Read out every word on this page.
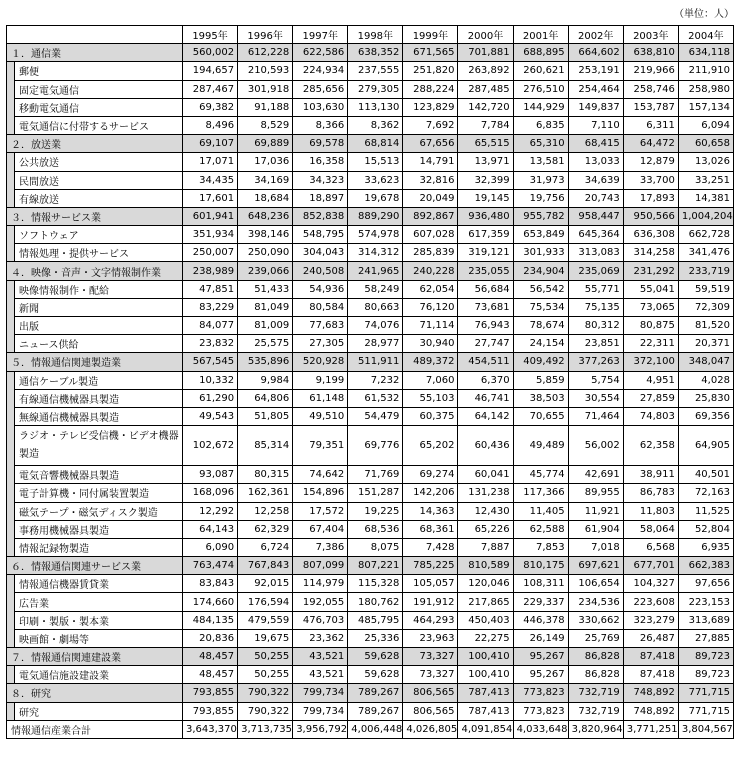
（単位：人）
		1995年	1996年	1997年	1998年	1999年	2000年	2001年	2002年	2003年	2004年
１．通信業		560,002	612,228	622,586	638,352	671,565	701,881	688,895	664,602	638,810	634,118
	郵便	194,657	210,593	224,934	237,555	251,820	263,892	260,621	253,191	219,966	211,910
	固定電気通信	287,467	301,918	285,656	279,305	288,224	287,485	276,510	254,464	258,746	258,980
	移動電気通信	69,382	91,188	103,630	113,130	123,829	142,720	144,929	149,837	153,787	157,134
	電気通信に付帯するサービス	8,496	8,529	8,366	8,362	7,692	7,784	6,835	7,110	6,311	6,094
２．放送業		69,107	69,889	69,578	68,814	67,656	65,515	65,310	68,415	64,472	60,658
	公共放送	17,071	17,036	16,358	15,513	14,791	13,971	13,581	13,033	12,879	13,026
	民間放送	34,435	34,169	34,323	33,623	32,816	32,399	31,973	34,639	33,700	33,251
	有線放送	17,601	18,684	18,897	19,678	20,049	19,145	19,756	20,743	17,893	14,381
３．情報サービス業		601,941	648,236	852,838	889,290	892,867	936,480	955,782	958,447	950,566	1,004,204
	ソフトウェア	351,934	398,146	548,795	574,978	607,028	617,359	653,849	645,364	636,308	662,728
	情報処理・提供サービス	250,007	250,090	304,043	314,312	285,839	319,121	301,933	313,083	314,258	341,476
４．映像・音声・文字情報制作業		238,989	239,066	240,508	241,965	240,228	235,055	234,904	235,069	231,292	233,719
	映像情報制作・配給	47,851	51,433	54,936	58,249	62,054	56,684	56,542	55,771	55,041	59,519
	新聞	83,229	81,049	80,584	80,663	76,120	73,681	75,534	75,135	73,065	72,309
	出版	84,077	81,009	77,683	74,076	71,114	76,943	78,674	80,312	80,875	81,520
	ニュース供給	23,832	25,575	27,305	28,977	30,940	27,747	24,154	23,851	22,311	20,371
５．情報通信関連製造業		567,545	535,896	520,928	511,911	489,372	454,511	409,492	377,263	372,100	348,047
	通信ケーブル製造	10,332	9,984	9,199	7,232	7,060	6,370	5,859	5,754	4,951	4,028
	有線通信機械器具製造	61,290	64,806	61,148	61,532	55,103	46,741	38,503	30,554	27,859	25,830
	無線通信機械器具製造	49,543	51,805	49,510	54,479	60,375	64,142	70,655	71,464	74,803	69,356
	ラジオ・テレビ受信機・ビデオ機器製造	102,672	85,314	79,351	69,776	65,202	60,436	49,489	56,002	62,358	64,905
	電気音響機械器具製造	93,087	80,315	74,642	71,769	69,274	60,041	45,774	42,691	38,911	40,501
	電子計算機・同付属装置製造	168,096	162,361	154,896	151,287	142,206	131,238	117,366	89,955	86,783	72,163
	磁気テープ・磁気ディスク製造	12,292	12,258	17,572	19,225	14,363	12,430	11,405	11,921	11,803	11,525
	事務用機械器具製造	64,143	62,329	67,404	68,536	68,361	65,226	62,588	61,904	58,064	52,804
	情報記録物製造	6,090	6,724	7,386	8,075	7,428	7,887	7,853	7,018	6,568	6,935
６．情報通信関連サービス業		763,474	767,843	807,099	807,221	785,225	810,589	810,175	697,621	677,701	662,383
	情報通信機器賃貸業	83,843	92,015	114,979	115,328	105,057	120,046	108,311	106,654	104,327	97,656
	広告業	174,660	176,594	192,055	180,762	191,912	217,865	229,337	234,536	223,608	223,153
	印刷・製版・製本業	484,135	479,559	476,703	485,795	464,293	450,403	446,378	330,662	323,279	313,689
	映画館・劇場等	20,836	19,675	23,362	25,336	23,963	22,275	26,149	25,769	26,487	27,885
７．情報通信関連建設業		48,457	50,255	43,521	59,628	73,327	100,410	95,267	86,828	87,418	89,723
	電気通信施設建設業	48,457	50,255	43,521	59,628	73,327	100,410	95,267	86,828	87,418	89,723
８．研究		793,855	790,322	799,734	789,267	806,565	787,413	773,823	732,719	748,892	771,715
	研究	793,855	790,322	799,734	789,267	806,565	787,413	773,823	732,719	748,892	771,715
情報通信産業合計		3,643,370	3,713,735	3,956,792	4,006,448	4,026,805	4,091,854	4,033,648	3,820,964	3,771,251	3,804,567
